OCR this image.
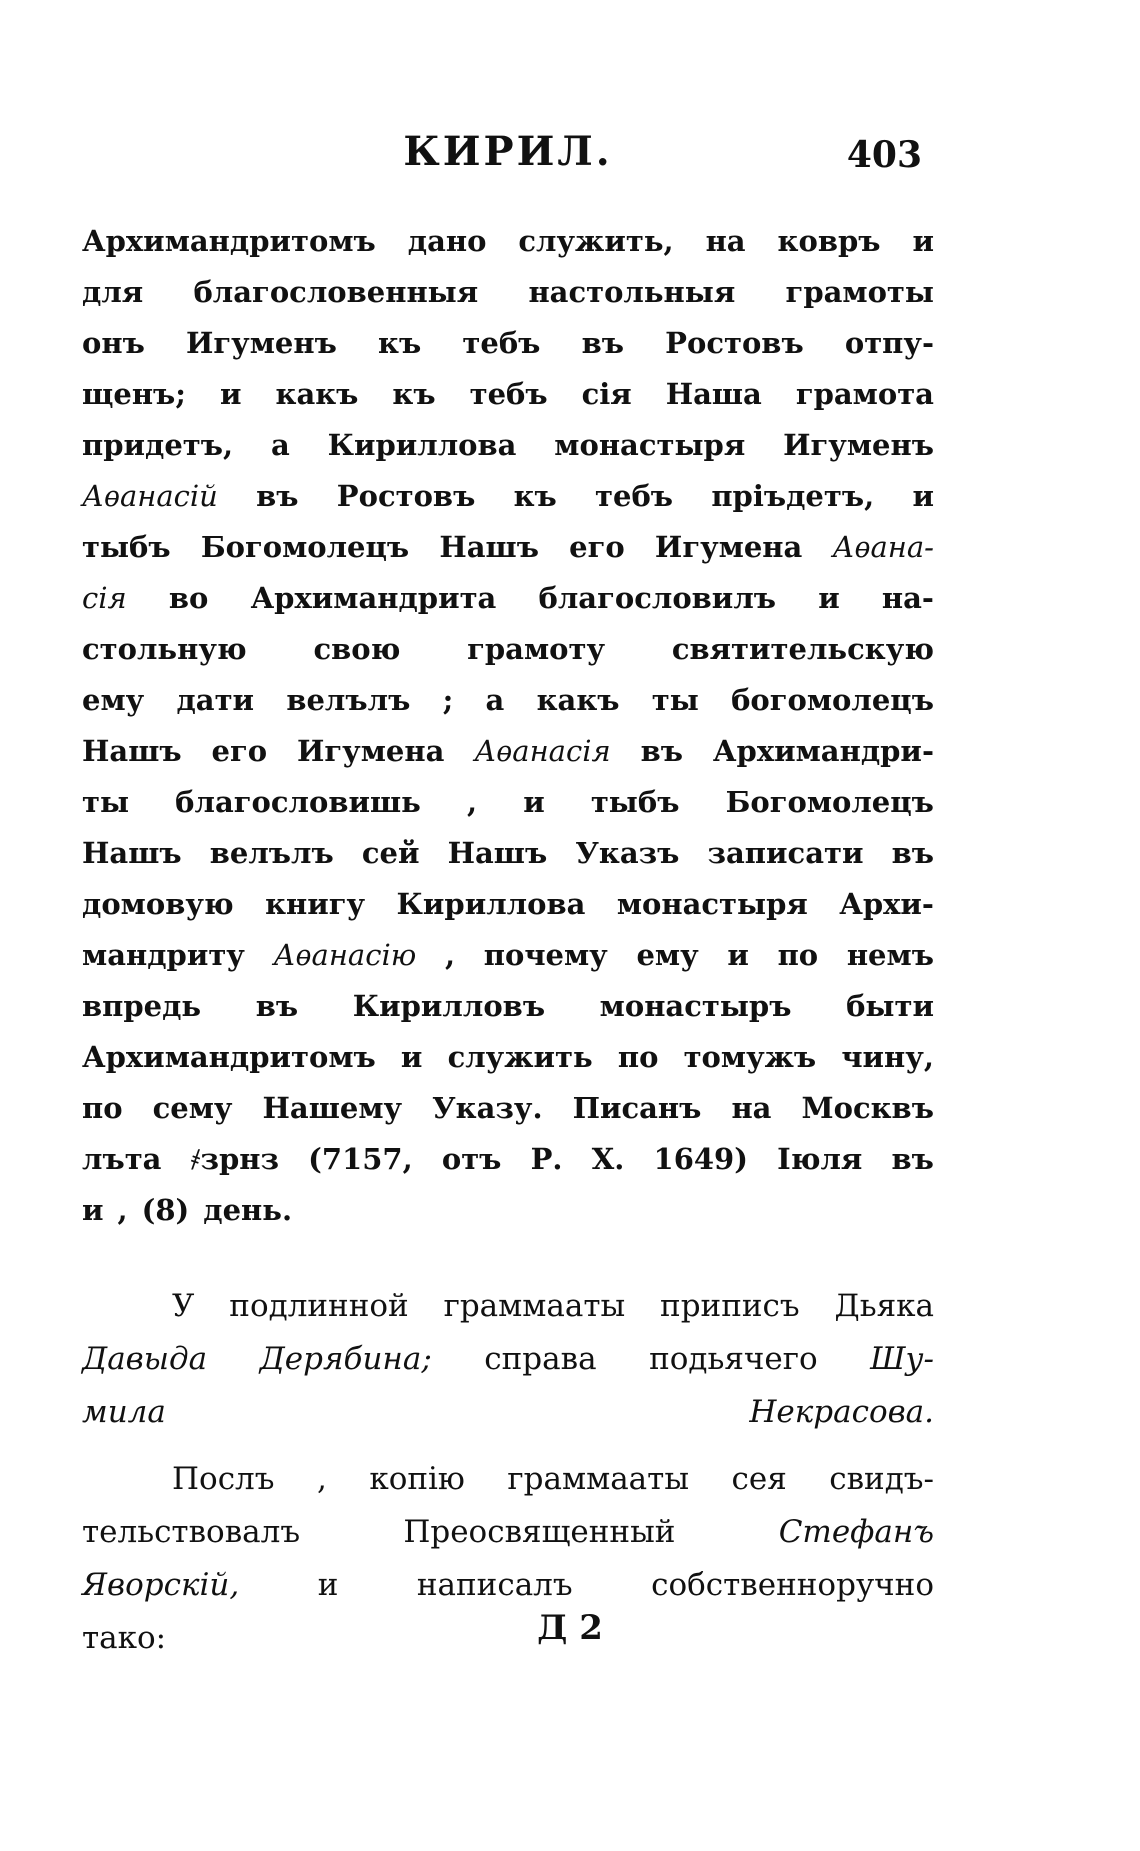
КИРИЛ.	403
Архимандритомъ дано служить, на ковръ и
для благословенныя настольныя грамоты
онъ Игуменъ къ тебъ въ Ростовъ отпу-
щенъ; и какъ къ тебъ сія Наша грамота
придетъ, а Кириллова монастыря Игуменъ
Аѳанасій въ Ростовъ къ тебъ пріъдетъ, и
тыбъ Богомолецъ Нашъ его Игумена Аѳана-
сія во Архимандрита благословилъ и на-
стольную свою грамоту святительскую
ему дати велълъ ; а какъ ты богомолецъ
Нашъ его Игумена Аѳанасія въ Архимандри-
ты благословишь , и тыбъ Богомолецъ
Нашъ велълъ сей Нашъ Указъ записати въ
домовую книгу Кириллова монастыря Архи-
мандриту Аѳанасію , почему ему и по немъ
впредь въ Кирилловъ монастыръ быти
Архимандритомъ и служить по томужъ чину,
по сему Нашему Указу. Писанъ на Москвъ
лъта ҂зрнз (7157, отъ Р. Х. 1649) Іюля въ
и , (8) день.
У подлинной граммааты приписъ Дьяка
Давыда Дерябина; справа подьячего Шу-
мила	Некрасова.
Послъ , копію граммааты сея свидъ-
тельствовалъ	Преосвященный	Стефанъ
Яворскій,	и	написалъ	собственноручно
тако:	Д 2
